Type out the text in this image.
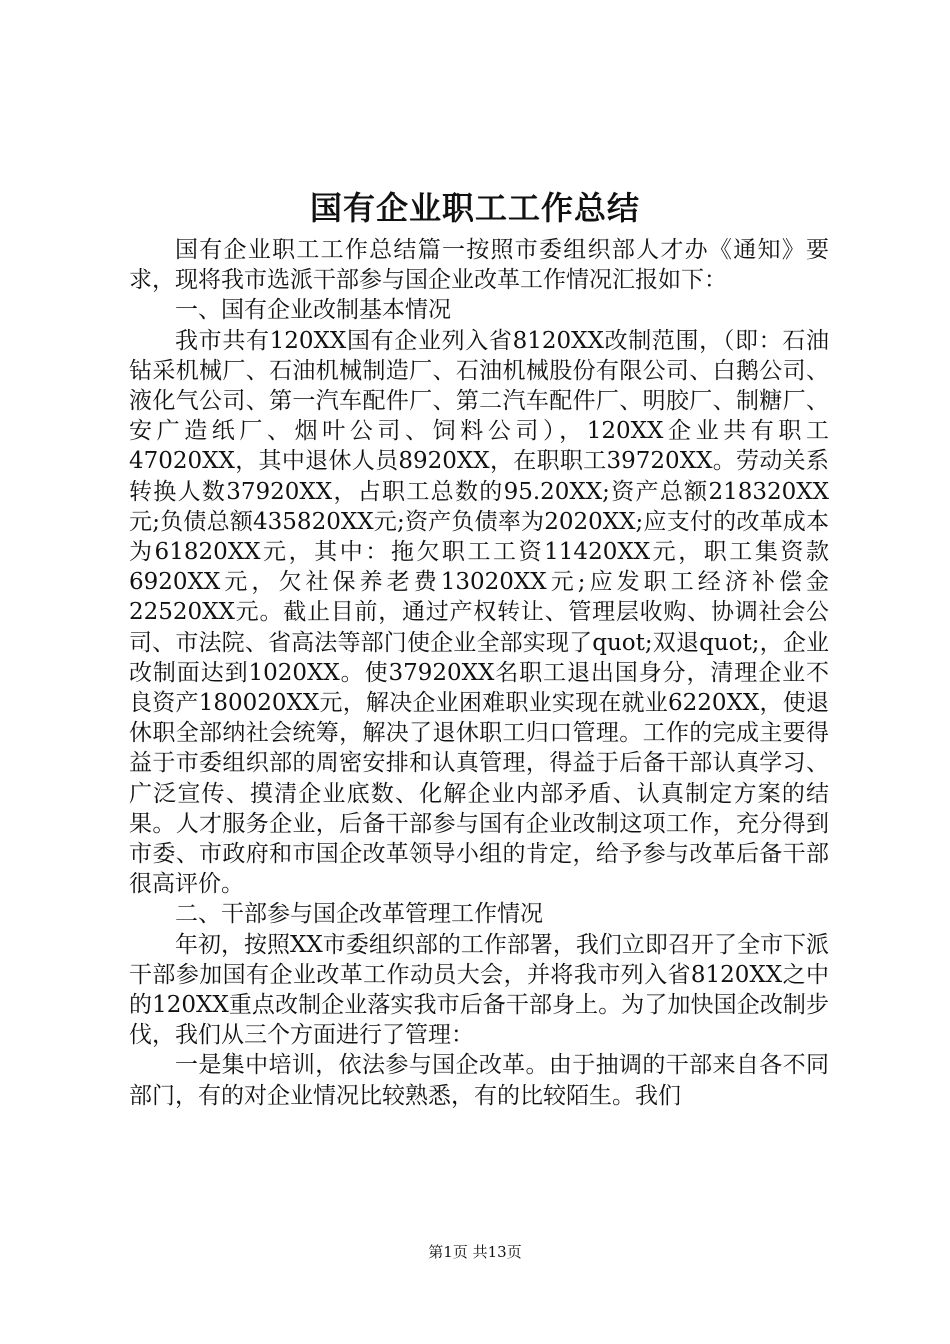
国有企业职工工作总结

国有企业职工工作总结篇一按照市委组织部人才办《通知》要求，现将我市选派干部参与国企业改革工作情况汇报如下：

一、国有企业改制基本情况

我市共有120XX国有企业列入省8120XX改制范围，（即：石油钻采机械厂、石油机械制造厂、石油机械股份有限公司、白鹅公司、液化气公司、第一汽车配件厂、第二汽车配件厂、明胶厂、制糖厂、安广造纸厂、烟叶公司、饲料公司），120XX企业共有职工47020XX，其中退休人员8920XX，在职职工39720XX。劳动关系转换人数37920XX，占职工总数的95.20XX;资产总额218320XX元;负债总额435820XX元;资产负债率为2020XX;应支付的改革成本为61820XX元，其中：拖欠职工工资11420XX元，职工集资款6920XX元，欠社保养老费13020XX元;应发职工经济补偿金22520XX元。截止目前，通过产权转让、管理层收购、协调社会公司、市法院、省高法等部门使企业全部实现了quot;双退quot;，企业改制面达到1020XX。使37920XX名职工退出国身分，清理企业不良资产180020XX元，解决企业困难职业实现在就业6220XX，使退休职全部纳社会统筹，解决了退休职工归口管理。工作的完成主要得益于市委组织部的周密安排和认真管理，得益于后备干部认真学习、广泛宣传、摸清企业底数、化解企业内部矛盾、认真制定方案的结果。人才服务企业，后备干部参与国有企业改制这项工作，充分得到市委、市政府和市国企改革领导小组的肯定，给予参与改革后备干部很高评价。

二、干部参与国企改革管理工作情况

年初，按照XX市委组织部的工作部署，我们立即召开了全市下派干部参加国有企业改革工作动员大会，并将我市列入省8120XX之中的120XX重点改制企业落实我市后备干部身上。为了加快国企改制步伐，我们从三个方面进行了管理：

一是集中培训，依法参与国企改革。由于抽调的干部来自各不同部门，有的对企业情况比较熟悉，有的比较陌生。我们

第1页 共13页
